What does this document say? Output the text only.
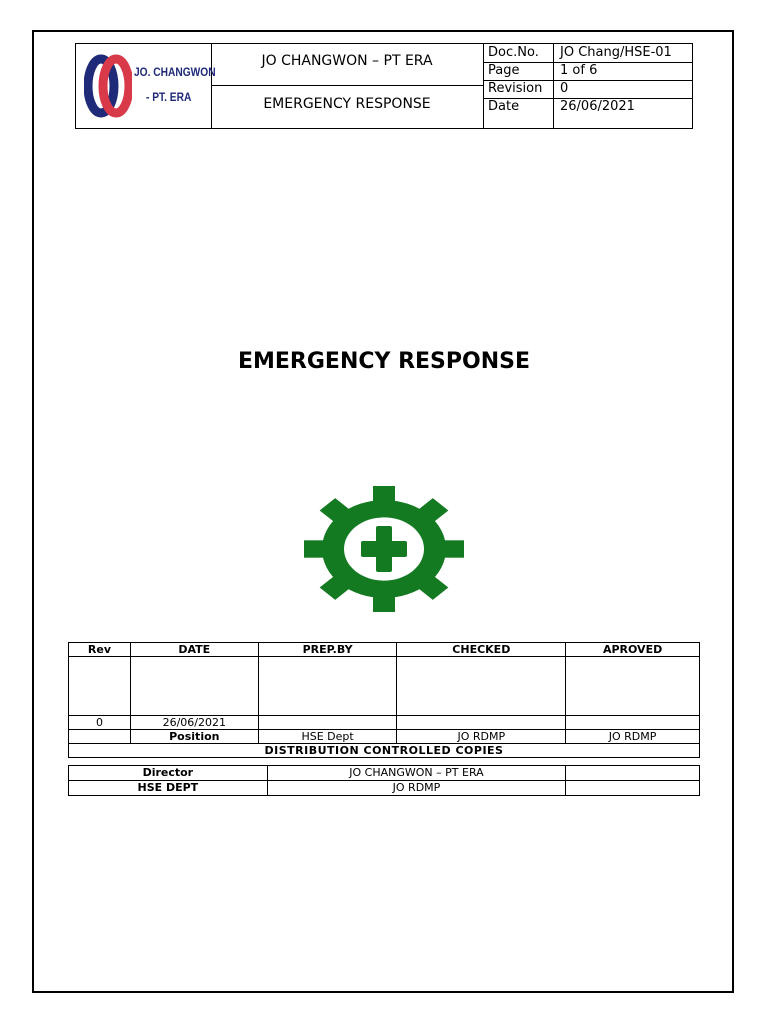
JO. CHANGWON
- PT. ERA
JO CHANGWON – PT ERA
EMERGENCY RESPONSE
Doc.No. JO Chang/HSE-01
Page	1 of 6
Revision 0
Date	26/06/2021
EMERGENCY RESPONSE
Rev	DATE	PREP.BY	CHECKED	APROVED

0	26/06/2021			
	Position	HSE Dept	JO RDMP	JO RDMP
DISTRIBUTION CONTROLLED COPIES				
Director	JO CHANGWON – PT ERA	
HSE DEPT	JO RDMP	
